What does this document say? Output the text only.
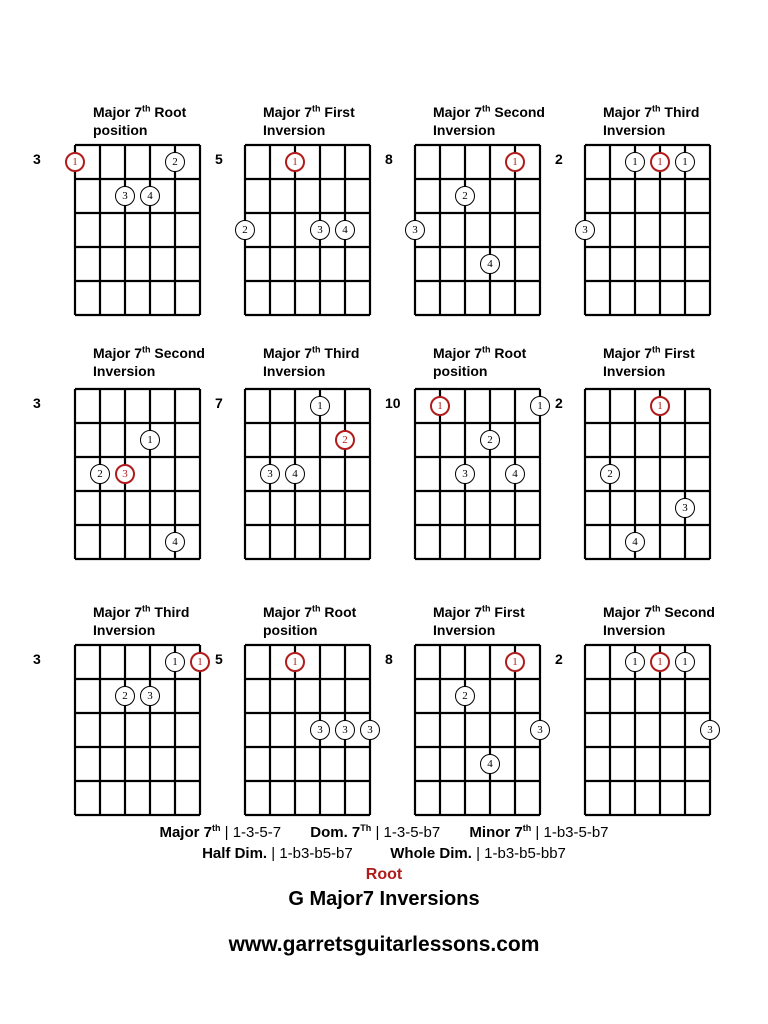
Major 7th Root
position
3	1	2
3	4
Major 7th First
Inversion
5	1
2	3	4
Major 7th Second
Inversion
8	1
2
3
4
Major 7th Third
Inversion
2	1	1	1
3
Major 7th Second
Inversion
3
1
2	3
4
Major 7th Third
Inversion
7	1
2
3	4
Major 7th Root
position
10	1	1
2
3	4
Major 7th First
Inversion
2	1
2
3
4
Major 7th Third
Inversion
3	1	1
2	3
Major 7th Root
position
5	1
3	3	3
Major 7th First
Inversion
8	1
2
3
4
Major 7th Second
Inversion
2	1	1	1
3
Major 7th | 1-3-5-7 Dom. 7Th | 1-3-5-b7 Minor 7th | 1-b3-5-b7
Half Dim. | 1-b3-b5-b7	Whole Dim. | 1-b3-b5-bb7
Root
G Major7 Inversions
www.garretsguitarlessons.com
